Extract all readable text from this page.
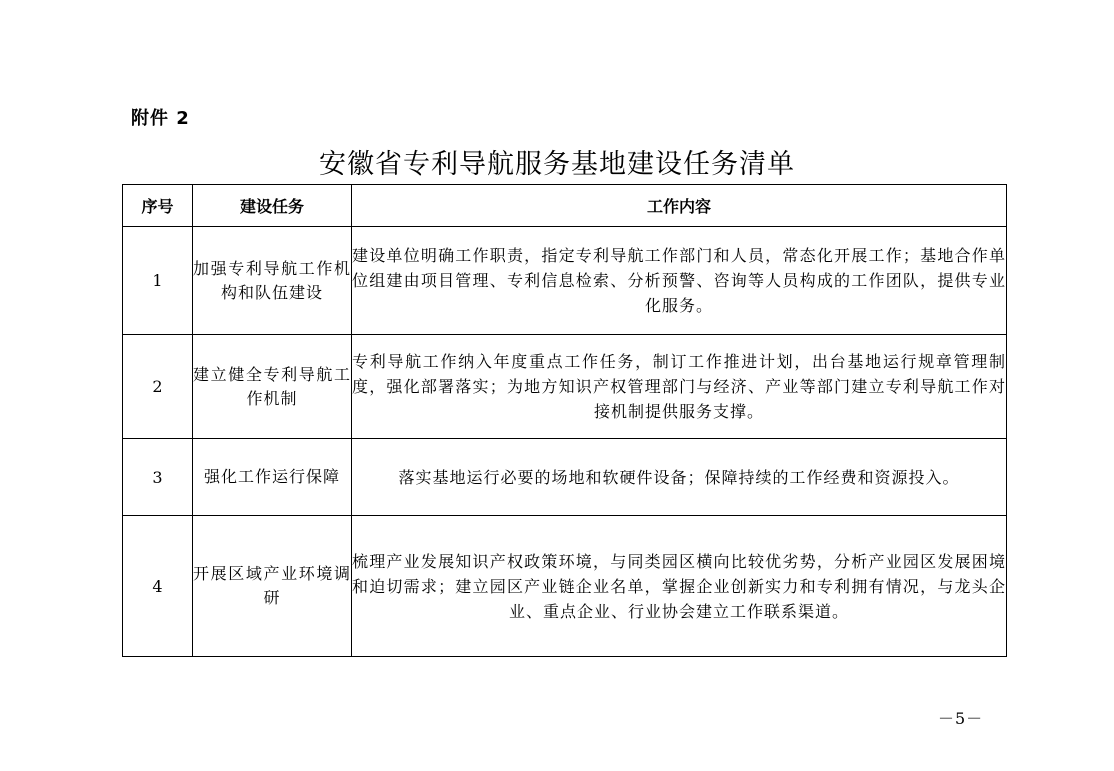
附件 2
安徽省专利导航服务基地建设任务清单
序号	建设任务	工作内容
1	加强专利导航工作机构和队伍建设	建设单位明确工作职责，指定专利导航工作部门和人员，常态化开展工作；基地合作单位组建由项目管理、专利信息检索、分析预警、咨询等人员构成的工作团队，提供专业化服务。

2	建立健全专利导航工作机制	专利导航工作纳入年度重点工作任务，制订工作推进计划，出台基地运行规章管理制度，强化部署落实；为地方知识产权管理部门与经济、产业等部门建立专利导航工作对接机制提供服务支撑。

3	强化工作运行保障	落实基地运行必要的场地和软硬件设备；保障持续的工作经费和资源投入。

4	开展区域产业环境调研	梳理产业发展知识产权政策环境，与同类园区横向比较优劣势，分析产业园区发展困境和迫切需求；建立园区产业链企业名单，掌握企业创新实力和专利拥有情况，与龙头企业、重点企业、行业协会建立工作联系渠道。
－5－
